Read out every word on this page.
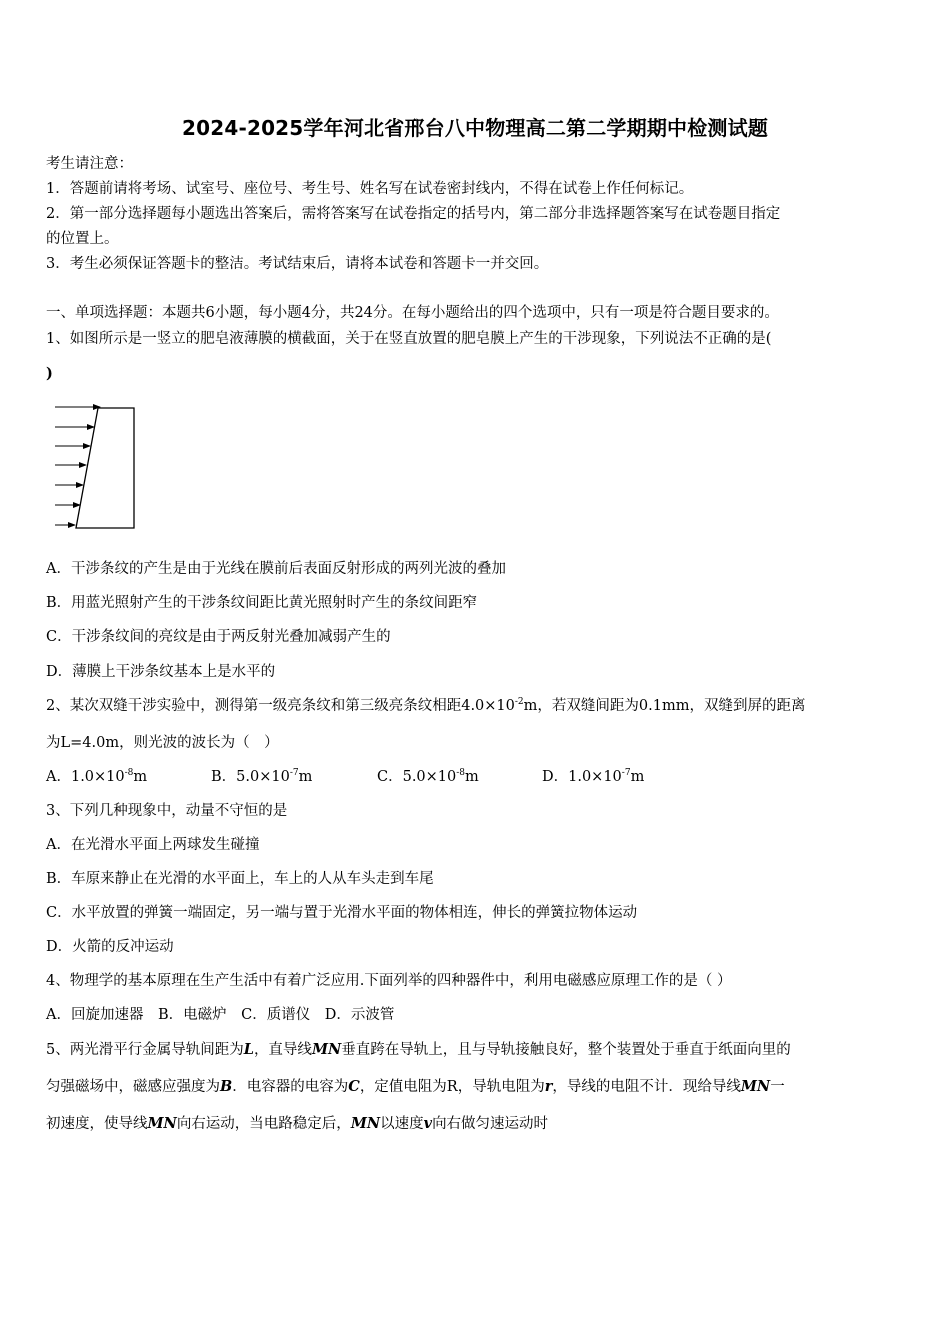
2024-2025学年河北省邢台八中物理高二第二学期期中检测试题
考生请注意：
1．答题前请将考场、试室号、座位号、考生号、姓名写在试卷密封线内，不得在试卷上作任何标记。
2．第一部分选择题每小题选出答案后，需将答案写在试卷指定的括号内，第二部分非选择题答案写在试卷题目指定
的位置上。
3．考生必须保证答题卡的整洁。考试结束后，请将本试卷和答题卡一并交回。
一、单项选择题：本题共6小题，每小题4分，共24分。在每小题给出的四个选项中，只有一项是符合题目要求的。
1、如图所示是一竖立的肥皂液薄膜的横截面，关于在竖直放置的肥皂膜上产生的干涉现象，下列说法不正确的是(
)
A．干涉条纹的产生是由于光线在膜前后表面反射形成的两列光波的叠加
B．用蓝光照射产生的干涉条纹间距比黄光照射时产生的条纹间距窄
C．干涉条纹间的亮纹是由于两反射光叠加减弱产生的
D．薄膜上干涉条纹基本上是水平的
2、某次双缝干涉实验中，测得第一级亮条纹和第三级亮条纹相距$4.0\times 10^{-2}m$，若双缝间距为0.1mm，双缝到屏的距离
为L=4.0m，则光波的波长为（　）
A．$1.0\times 10^{-8}m$	B．$5.0\times 10^{-7}m$	C．$5.0\times 10^{-8}m$	D．$1.0\times 10^{-7}m$
3、下列几种现象中，动量不守恒的是
A．在光滑水平面上两球发生碰撞
B．车原来静止在光滑的水平面上，车上的人从车头走到车尾
C．水平放置的弹簧一端固定，另一端与置于光滑水平面的物体相连，伸长的弹簧拉物体运动
D．火箭的反冲运动
4、物理学的基本原理在生产生活中有着广泛应用.下面列举的四种器件中，利用电磁感应原理工作的是（ ）
A．回旋加速器　B．电磁炉　C．质谱仪　D．示波管
5、两光滑平行金属导轨间距为L，直导线MN垂直跨在导轨上，且与导轨接触良好，整个装置处于垂直于纸面向里的
匀强磁场中，磁感应强度为B．电容器的电容为C，定值电阻为R，导轨电阻为r，导线的电阻不计．现给导线MN一
初速度，使导线MN向右运动，当电路稳定后，MN以速度v向右做匀速运动时
